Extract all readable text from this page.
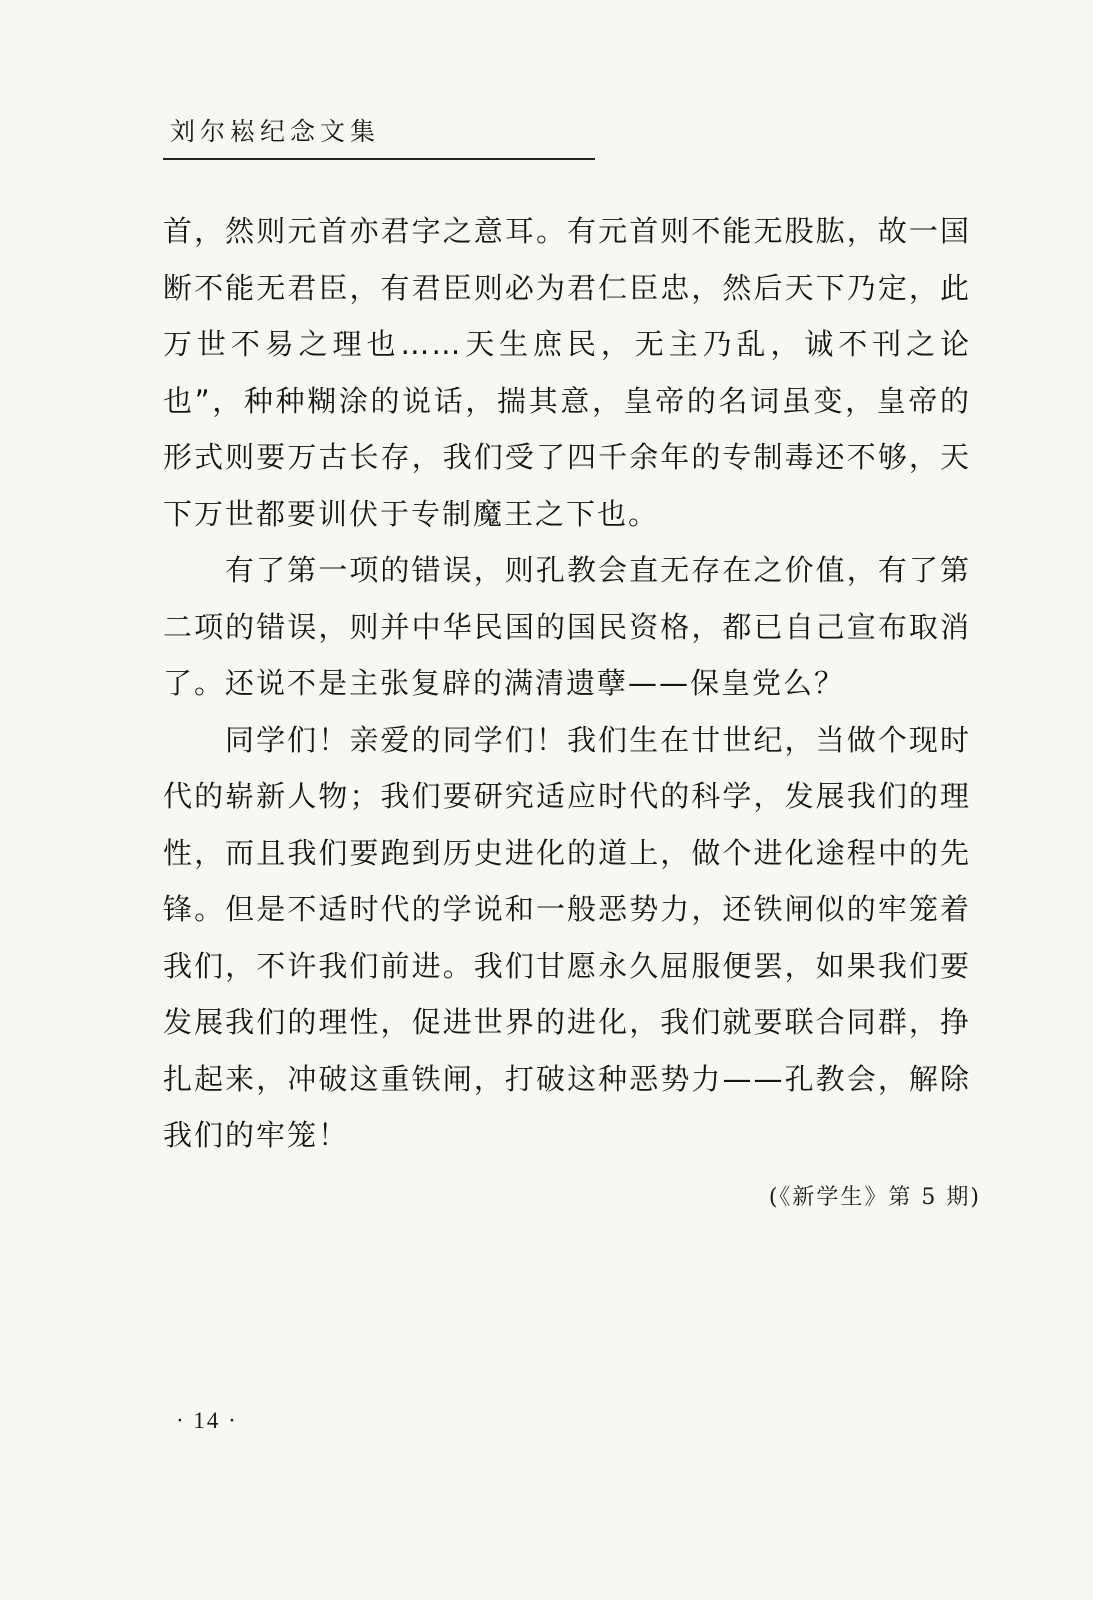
刘尔崧纪念文集

首，然则元首亦君字之意耳。有元首则不能无股肱，故一国断不能无君臣，有君臣则必为君仁臣忠，然后天下乃定，此万世不易之理也……天生庶民，无主乃乱，诚不刊之论也”，种种糊涂的说话，揣其意，皇帝的名词虽变，皇帝的形式则要万古长存，我们受了四千余年的专制毒还不够，天下万世都要训伏于专制魔王之下也。

有了第一项的错误，则孔教会直无存在之价值，有了第二项的错误，则并中华民国的国民资格，都已自己宣布取消了。还说不是主张复辟的满清遗孽——保皇党么？

同学们！亲爱的同学们！我们生在廿世纪，当做个现时代的崭新人物；我们要研究适应时代的科学，发展我们的理性，而且我们要跑到历史进化的道上，做个进化途程中的先锋。但是不适时代的学说和一般恶势力，还铁闸似的牢笼着我们，不许我们前进。我们甘愿永久屈服便罢，如果我们要发展我们的理性，促进世界的进化，我们就要联合同群，挣扎起来，冲破这重铁闸，打破这种恶势力——孔教会，解除我们的牢笼！

(《新学生》第 5 期)
· 14 ·
